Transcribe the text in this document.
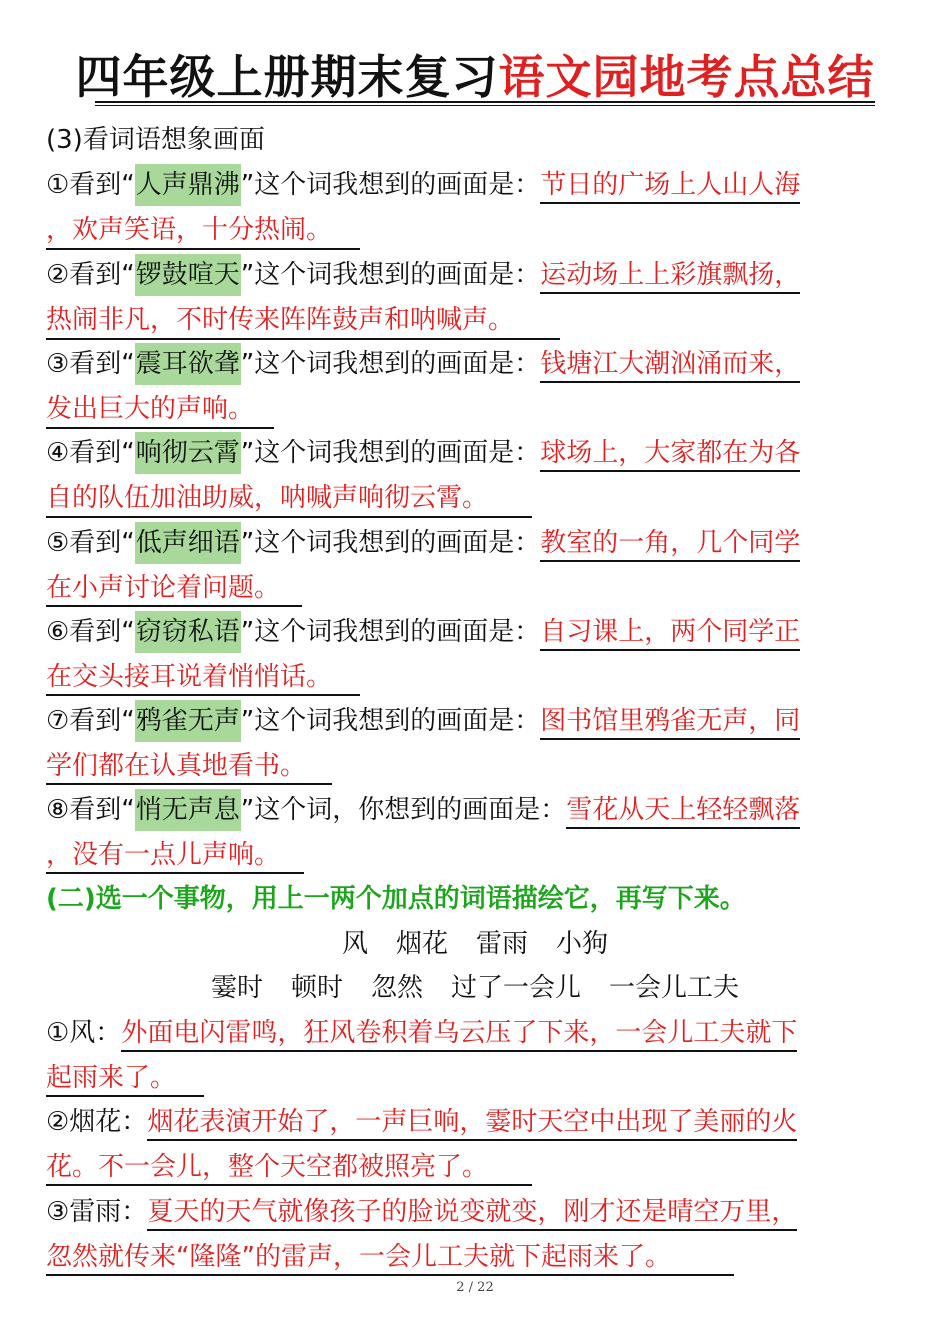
四年级上册期末复习语文园地考点总结
(3)看词语想象画面
①看到“人声鼎沸”这个词我想到的画面是：节日的广场上人山人海
，欢声笑语，十分热闹。
②看到“锣鼓喧天”这个词我想到的画面是：运动场上上彩旗飘扬，
热闹非凡，不时传来阵阵鼓声和呐喊声。
③看到“震耳欲聋”这个词我想到的画面是：钱塘江大潮汹涌而来，
发出巨大的声响。
④看到“响彻云霄”这个词我想到的画面是：球场上，大家都在为各
自的队伍加油助威，呐喊声响彻云霄。
⑤看到“低声细语”这个词我想到的画面是：教室的一角，几个同学
在小声讨论着问题。
⑥看到“窃窃私语”这个词我想到的画面是：自习课上，两个同学正
在交头接耳说着悄悄话。
⑦看到“鸦雀无声”这个词我想到的画面是：图书馆里鸦雀无声，同
学们都在认真地看书。
⑧看到“悄无声息”这个词，你想到的画面是：雪花从天上轻轻飘落
，没有一点儿声响。
(二)选一个事物，用上一两个加点的词语描绘它，再写下来。
风 烟花 雷雨 小狗
霎时 顿时 忽然 过了一会儿 一会儿工夫
①风：外面电闪雷鸣，狂风卷积着乌云压了下来，一会儿工夫就下
起雨来了。
②烟花：烟花表演开始了，一声巨响，霎时天空中出现了美丽的火
花。不一会儿，整个天空都被照亮了。
③雷雨：夏天的天气就像孩子的脸说变就变，刚才还是晴空万里，
忽然就传来“隆隆”的雷声，一会儿工夫就下起雨来了。
2 / 22
